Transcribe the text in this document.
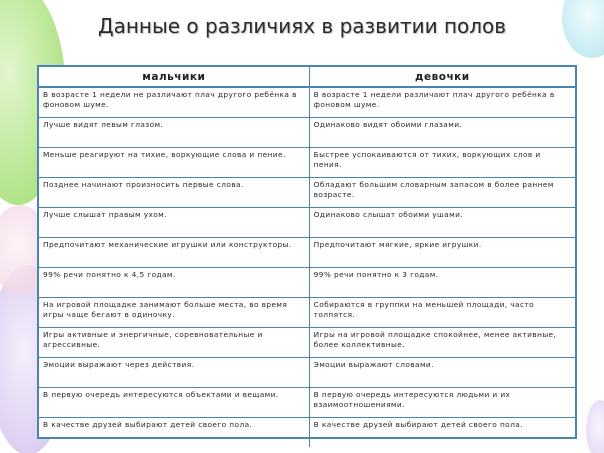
Данные о различиях в развитии полов
мальчики	девочки
В возрасте 1 недели не различают плач другого ребёнка в фоновом шуме.	В возрасте 1 недели различают плач другого ребёнка в фоновом шуме.
Лучше видят левым глазом.	Одинаково видят обоими глазами.
Меньше реагируют на тихие, воркующие слова и пение.	Быстрее успокаиваются от тихих, воркующих слов и пения.
Позднее начинают произносить первые слова.	Обладают большим словарным запасом в более раннем возрасте.
Лучше слышат правым ухом.	Одинаково слышат обоими ушами.
Предпочитают механические игрушки или конструкторы.	Предпочитают мягкие, яркие игрушки.
99% речи понятно к 4,5 годам.	99% речи понятно к 3 годам.
На игровой площадке занимают больше места, во время игры чаще бегают в одиночку.	Собираются в группки на меньшей площади, часто толпятся.
Игры активные и энергичные, соревновательные и агрессивные.	Игры на игровой площадке спокойнее, менее активные, более коллективные.
Эмоции выражают через действия.	Эмоции выражают словами.
В первую очередь интересуются объектами и вещами.	В первую очередь интересуются людьми и их взаимоотношениями.
В качестве друзей выбирают детей своего пола.	В качестве друзей выбирают детей своего пола.
